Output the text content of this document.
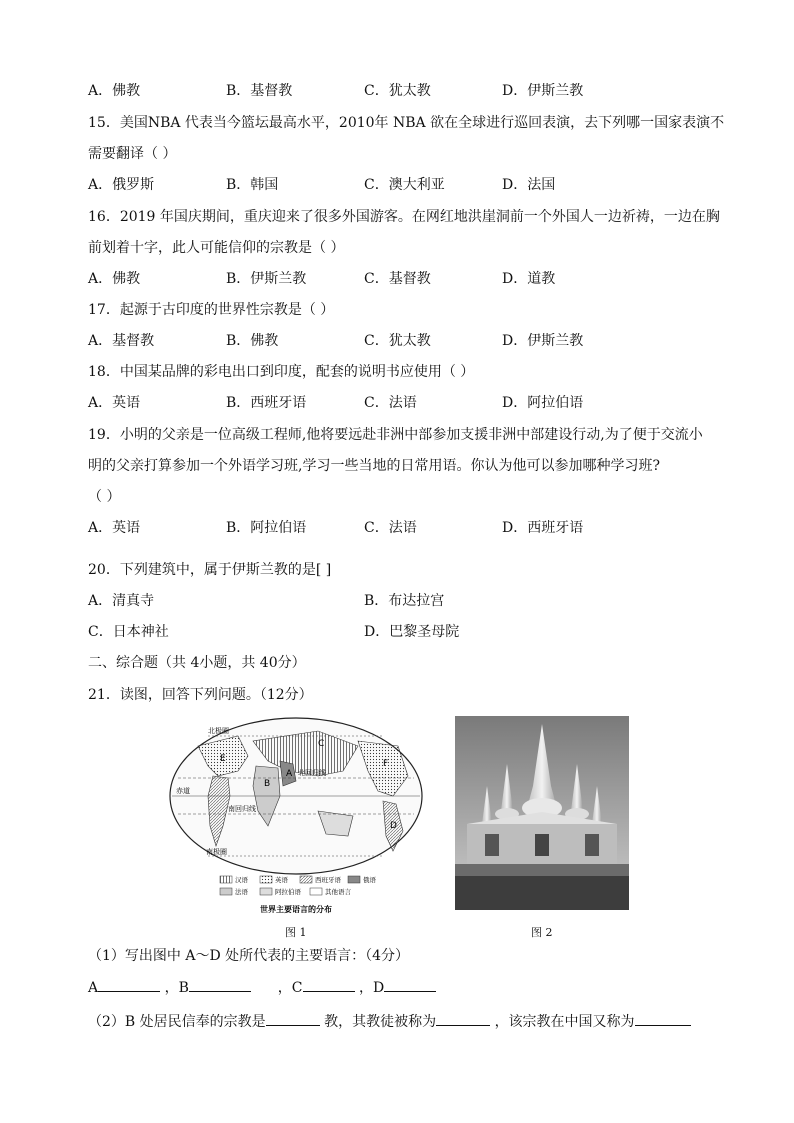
A．佛教	B．基督教	C．犹太教	D．伊斯兰教
15．美国NBA 代表当今篮坛最高水平，2010年 NBA 欲在全球进行巡回表演，去下列哪一国家表演不
需要翻译（ ）
A．俄罗斯	B．韩国	C．澳大利亚	D．法国
16．2019 年国庆期间，重庆迎来了很多外国游客。在网红地洪崖洞前一个外国人一边祈祷，一边在胸
前划着十字，此人可能信仰的宗教是（ ）
A．佛教	B．伊斯兰教	C．基督教	D．道教
17．起源于古印度的世界性宗教是（ ）
A．基督教	B．佛教	C．犹太教	D．伊斯兰教
18．中国某品牌的彩电出口到印度，配套的说明书应使用（ ）
A．英语	B．西班牙语	C．法语	D．阿拉伯语
19．小明的父亲是一位高级工程师,他将要远赴非洲中部参加支援非洲中部建设行动,为了便于交流小
明的父亲打算参加一个外语学习班,学习一些当地的日常用语。你认为他可以参加哪种学习班?
（ ）
A．英语	B．阿拉伯语	C．法语	D．西班牙语
20．下列建筑中，属于伊斯兰教的是[ ]
A．清真寺	B．布达拉宫
C．日本神社	D．巴黎圣母院
二、综合题（共 4小题，共 40分）
21．读图，回答下列问题。（12分）
北极圈
北回归线
赤道
南回归线
南极圈
A
B
C
D
E	F
汉语	英语	西班牙语	俄语
法语	阿拉伯语	其他语言
世界主要语言的分布
图 1	图 2
（1）写出图中 A～D 处所代表的主要语言：（4分）
A	，B	，C	，D
（2）B 处居民信奉的宗教是	教，其教徒被称为	，该宗教在中国又称为
